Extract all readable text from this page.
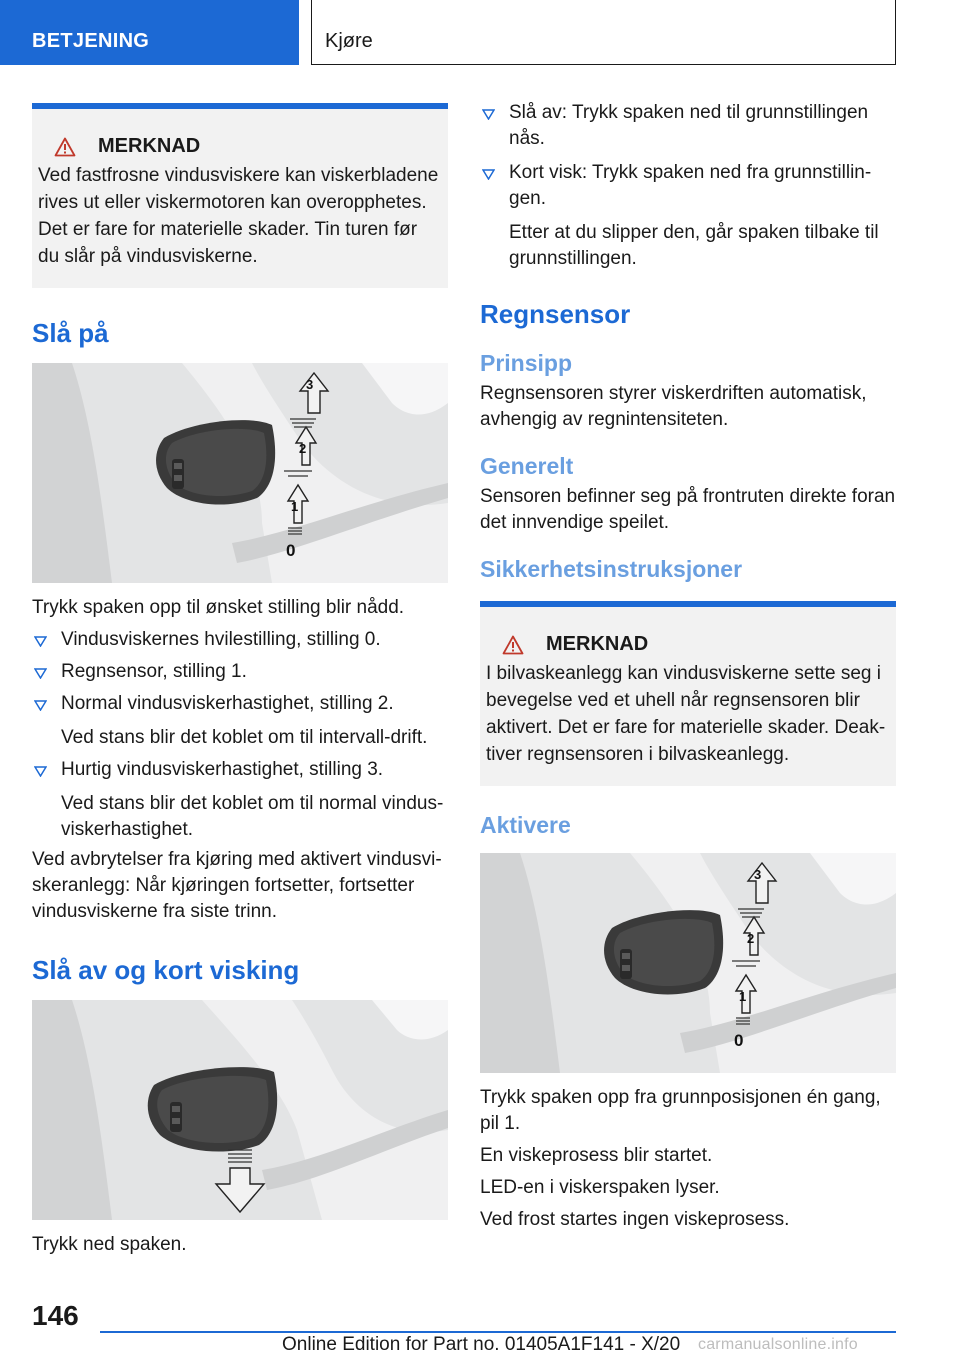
BETJENING	Kjøre
MERKNAD

Ved fastfrosne vindusviskere kan viskerbladene rives ut eller viskermotoren kan overopphetes. Det er fare for materielle skader. Tin turen før du slår på vindusviskerne.

Slå på
3
2
1
0

Trykk spaken opp til ønsket stilling blir nådd.

Vindusviskernes hvilestilling, stilling 0.
Regnsensor, stilling 1.
Normal vindusviskerhastighet, stilling 2.
Ved stans blir det koblet om til intervall-drift.
Hurtig vindusviskerhastighet, stilling 3.
Ved stans blir det koblet om til normal vindusviskerhastighet.

Ved avbrytelser fra kjøring med aktivert vindusviskeranlegg: Når kjøringen fortsetter, fortsetter vindusviskerne fra siste trinn.

Slå av og kort visking

Trykk ned spaken.

Slå av: Trykk spaken ned til grunnstillingen nås.
Kort visk: Trykk spaken ned fra grunnstillingen.
Etter at du slipper den, går spaken tilbake til grunnstillingen.
Regnsensor
Prinsipp

Regnsensoren styrer viskerdriften automatisk, avhengig av regnintensiteten.

Generelt

Sensoren befinner seg på frontruten direkte foran det innvendige speilet.

Sikkerhetsinstruksjoner
MERKNAD

I bilvaskeanlegg kan vindusviskerne sette seg i bevegelse ved et uhell når regnsensoren blir aktivert. Det er fare for materielle skader. Deaktiver regnsensoren i bilvaskeanlegg.

Aktivere
3
2
1
0

Trykk spaken opp fra grunnposisjonen én gang, pil 1.

En viskeprosess blir startet.

LED-en i viskerspaken lyser.

Ved frost startes ingen viskeprosess.

146
Online Edition for Part no. 01405A1F141 - X/20 carmanualsonline.info
